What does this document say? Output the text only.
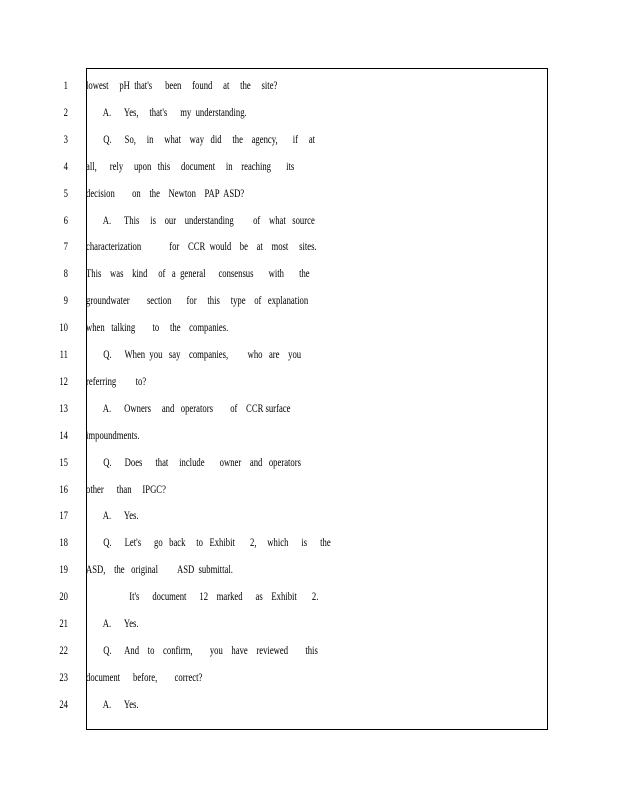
1 lowest     pH  that's      been     found     at     the     site?
2 A.      Yes,     that's      my  understanding.
3 Q.      So,     in     what    way   did     the    agency,       if     at
4 all,      rely     upon   this     document     in    reaching       its
5 decision        on    the    Newton    PAP  ASD?
6 A.      This     is    our    understanding         of    what   source
7 characterization             for    CCR  would    be    at    most     sites.
8 This    was    kind     of   a  general      consensus       with       the
9 groundwater        section       for     this     type    of   explanation
10 when   talking        to     the    companies.
11 Q.      When  you   say    companies,         who   are    you
12 referring         to?
13 A.      Owners     and   operators        of    CCR surface
14 impoundments.
15 Q.      Does      that     include       owner    and   operators
16 other      than     IPGC?
17 A.      Yes.
18 Q.      Let's      go   back     to   Exhibit       2,     which      is      the
19 ASD,    the   original         ASD  submittal.
20 It's      document      12    marked      as    Exhibit       2.
21 A.      Yes.
22 Q.      And    to    confirm,        you    have    reviewed        this
23 document      before,        correct?
24 A.      Yes.
